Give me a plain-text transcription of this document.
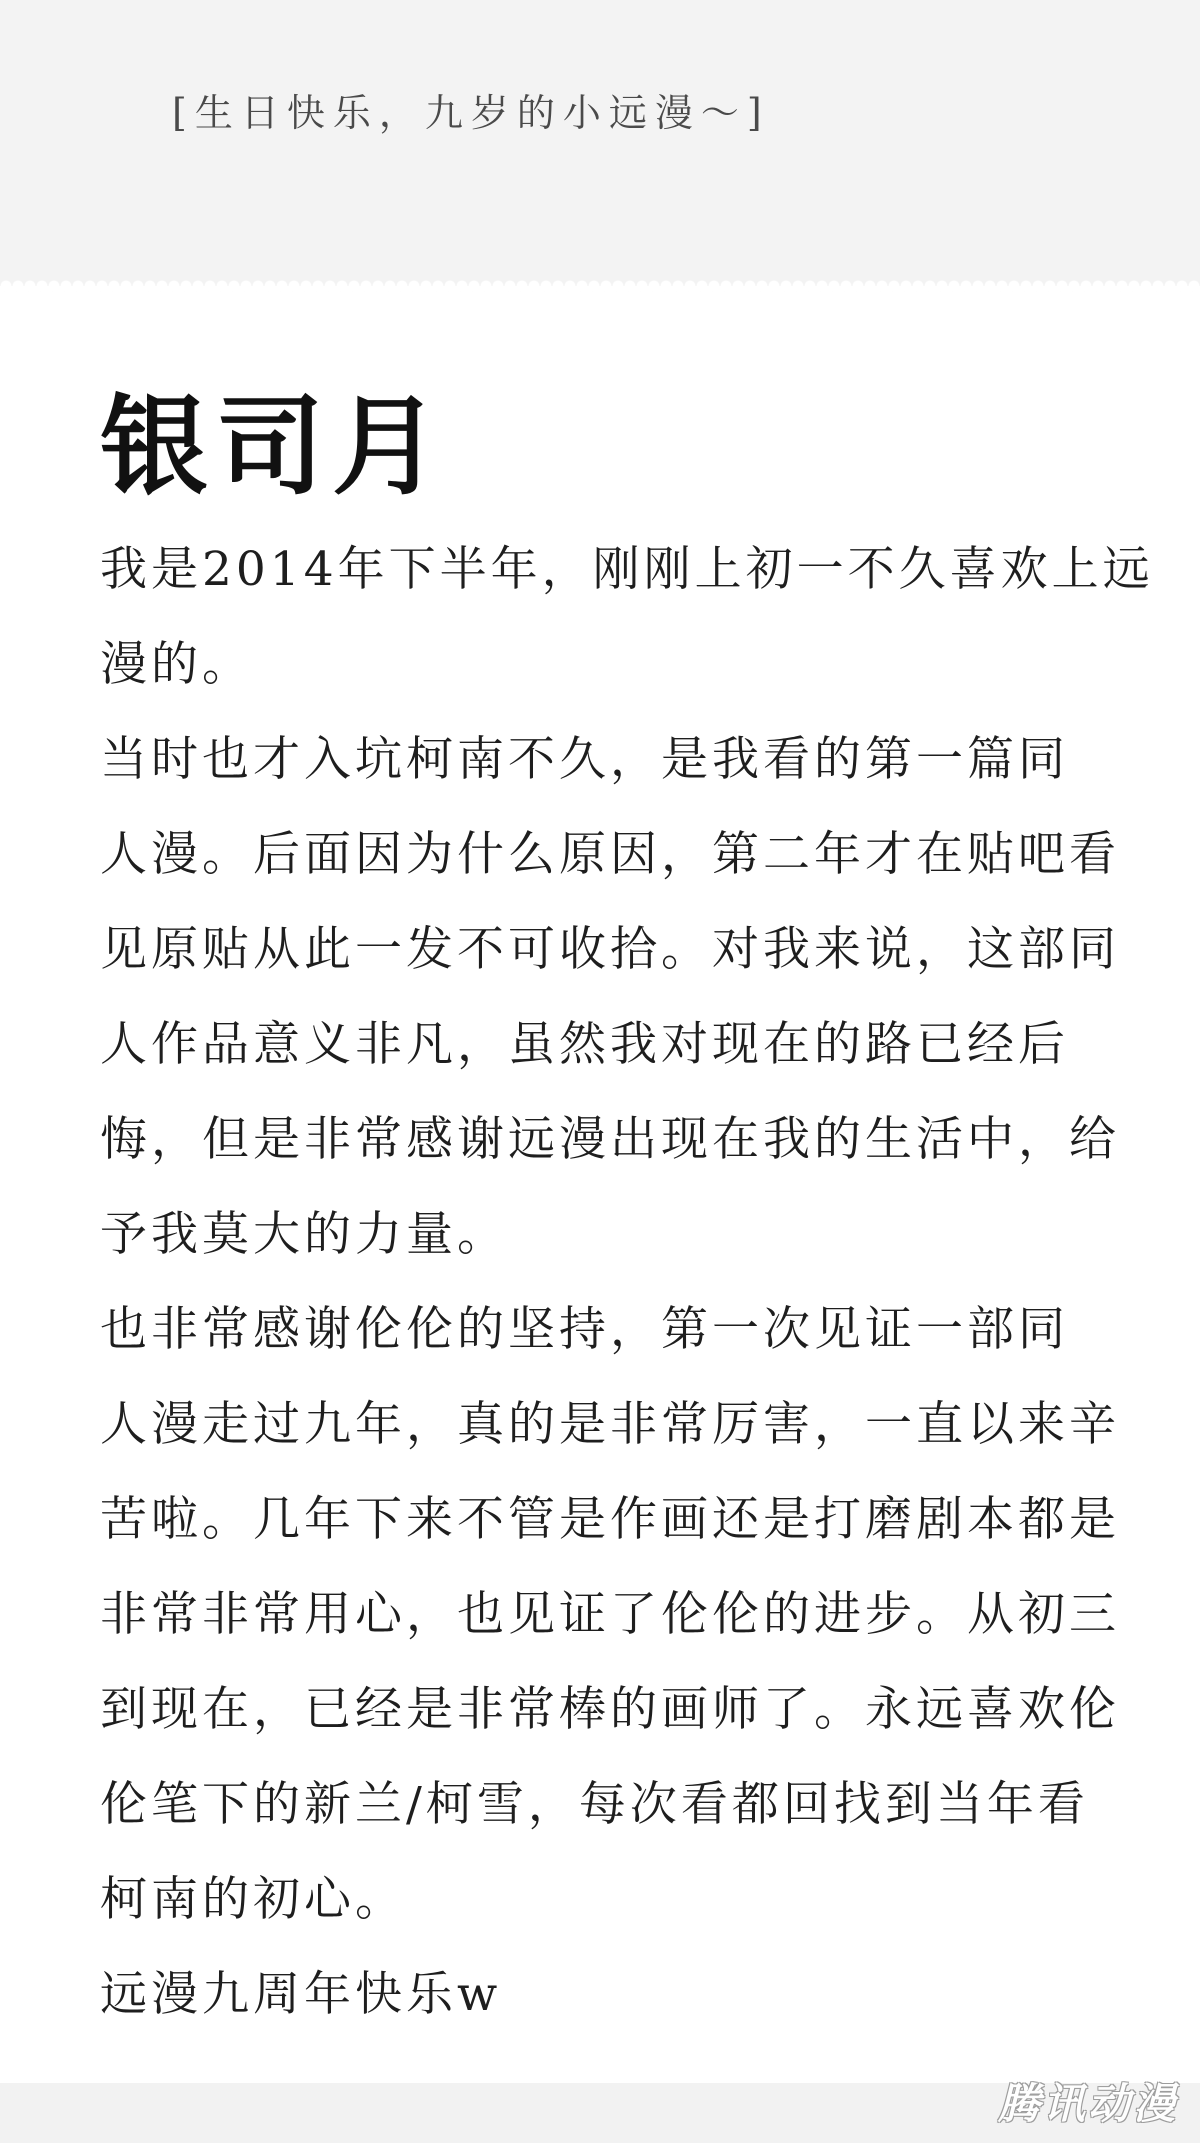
[生日快乐，九岁的小远漫～]
银司月
我是2014年下半年，刚刚上初一不久喜欢上远
漫的。
当时也才入坑柯南不久，是我看的第一篇同
人漫。后面因为什么原因，第二年才在贴吧看
见原贴从此一发不可收拾。对我来说，这部同
人作品意义非凡，虽然我对现在的路已经后
悔，但是非常感谢远漫出现在我的生活中，给
予我莫大的力量。
也非常感谢伦伦的坚持，第一次见证一部同
人漫走过九年，真的是非常厉害，一直以来辛
苦啦。几年下来不管是作画还是打磨剧本都是
非常非常用心，也见证了伦伦的进步。从初三
到现在，已经是非常棒的画师了。永远喜欢伦
伦笔下的新兰/柯雪，每次看都回找到当年看
柯南的初心。
远漫九周年快乐w
腾讯动漫
